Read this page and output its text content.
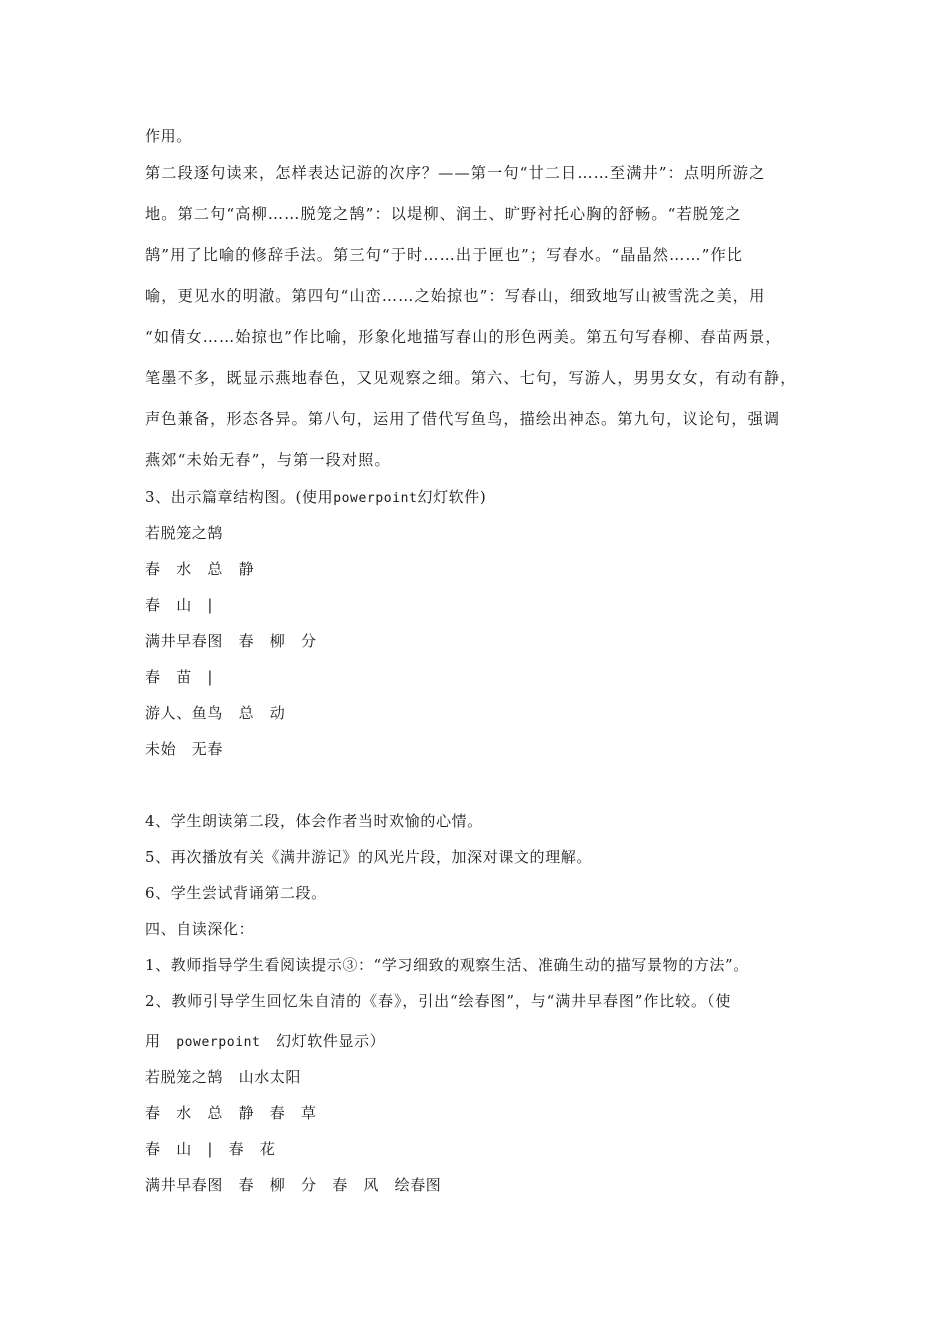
作用。
第二段逐句读来，怎样表达记游的次序？——第一句“廿二日……至满井”：点明所游之
地。第二句“高柳……脱笼之鹄”：以堤柳、润土、旷野衬托心胸的舒畅。“若脱笼之
鹄”用了比喻的修辞手法。第三句“于时……出于匣也”；写春水。“晶晶然……”作比
喻，更见水的明澈。第四句“山峦……之始掠也”：写春山，细致地写山被雪洗之美，用
“如倩女……始掠也”作比喻，形象化地描写春山的形色两美。第五句写春柳、春苗两景，
笔墨不多，既显示燕地春色，又见观察之细。第六、七句，写游人，男男女女，有动有静，
声色兼备，形态各异。第八句，运用了借代写鱼鸟，描绘出神态。第九句，议论句，强调
燕郊“未始无春”，与第一段对照。
3、出示篇章结构图。(使用powerpoint幻灯软件)
若脱笼之鹄
春　水　总　静
春　山　|
满井早春图　春　柳　分
春　苗　|
游人、鱼鸟　总　动
未始　无春
4、学生朗读第二段，体会作者当时欢愉的心情。
5、再次播放有关《满井游记》的风光片段，加深对课文的理解。
6、学生尝试背诵第二段。
四、自读深化：
1、教师指导学生看阅读提示③：“学习细致的观察生活、准确生动的描写景物的方法”。
2、教师引导学生回忆朱自清的《春》，引出“绘春图”，与“满井早春图”作比较。（使
用　powerpoint　幻灯软件显示）
若脱笼之鹄　山水太阳
春　水　总　静　春　草
春　山　|　春　花
满井早春图　春　柳　分　春　风　绘春图
